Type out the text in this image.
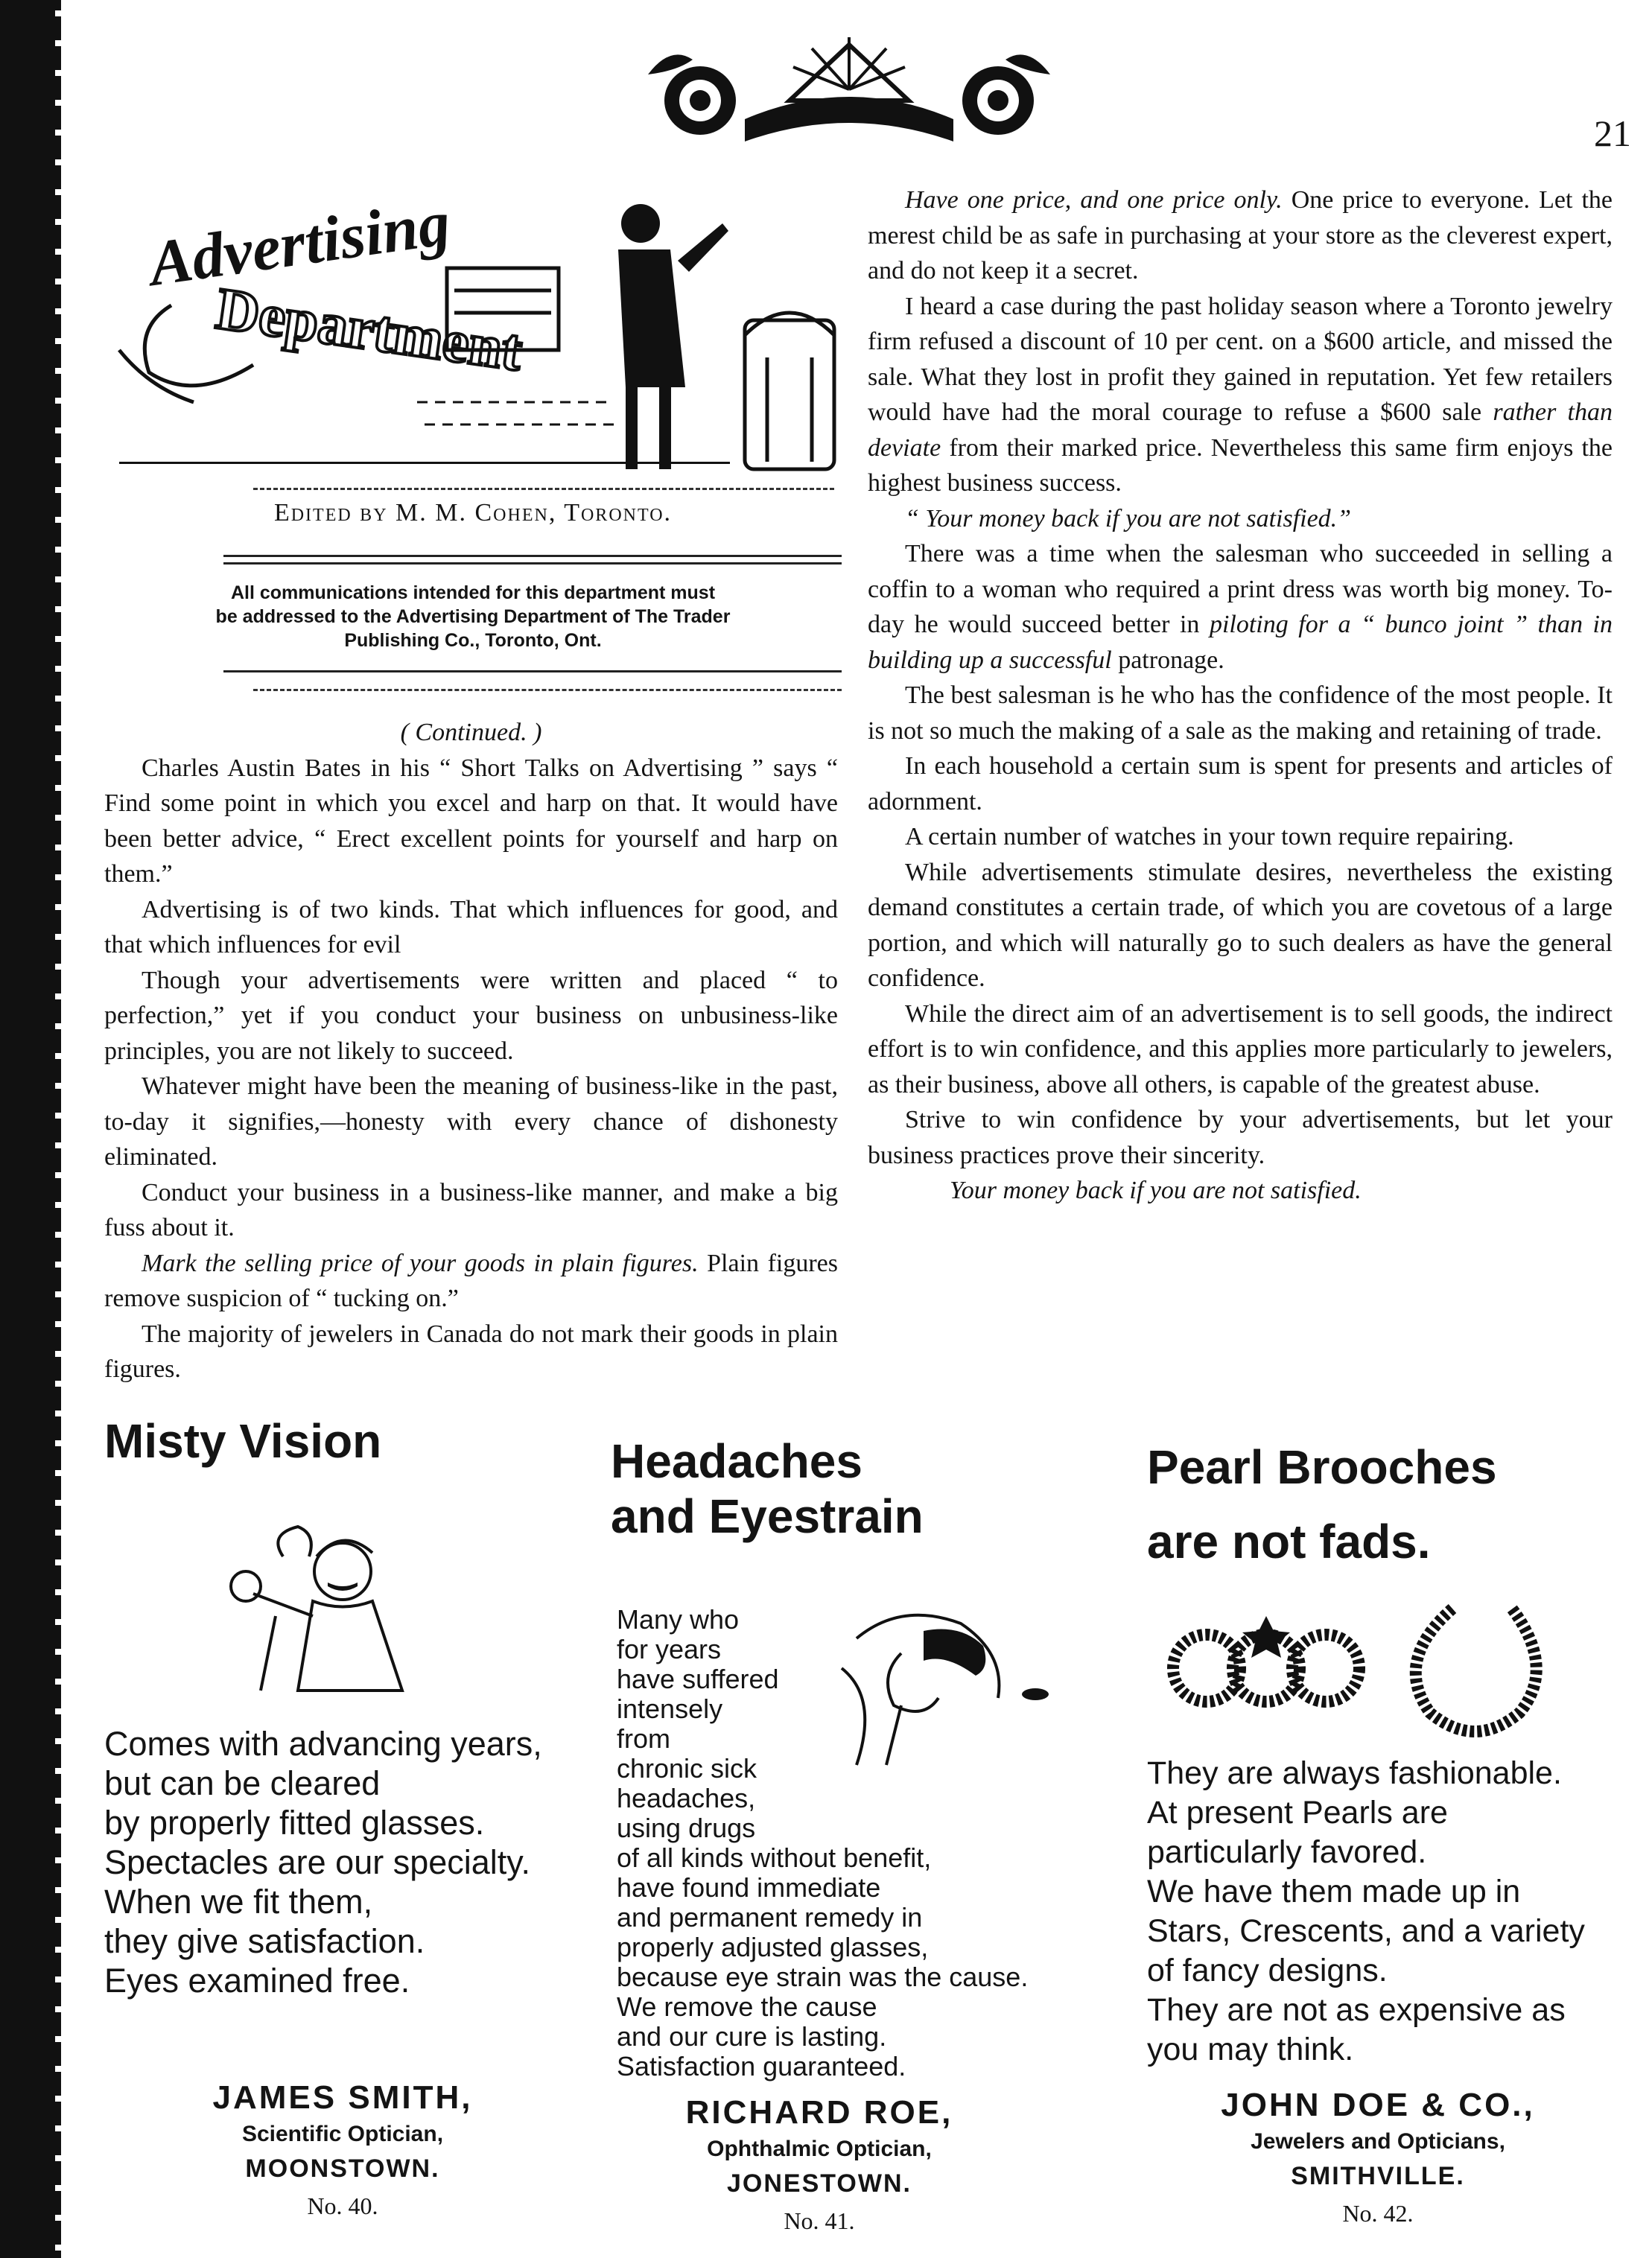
21
Advertising
Department
Edited by M. M. Cohen, Toronto.
All communications intended for this department must
be addressed to the Advertising Department of The Trader
Publishing Co., Toronto, Ont.

( Continued. )

Charles Austin Bates in his “ Short Talks on Advertising ” says “ Find some point in which you excel and harp on that. It would have been better advice, “ Erect excellent points for yourself and harp on them.”

Advertising is of two kinds. That which influences for good, and that which influences for evil

Though your advertisements were written and placed “ to perfection,” yet if you conduct your business on unbusiness-like principles, you are not likely to succeed.

Whatever might have been the meaning of business-like in the past, to-day it signifies,—honesty with every chance of dishonesty eliminated.

Conduct your business in a business-like manner, and make a big fuss about it.

Mark the selling price of your goods in plain figures. Plain figures remove suspicion of “ tucking on.”

The majority of jewelers in Canada do not mark their goods in plain figures.

Have one price, and one price only. One price to everyone. Let the merest child be as safe in purchasing at your store as the cleverest expert, and do not keep it a secret.

I heard a case during the past holiday season where a Toronto jewelry firm refused a discount of 10 per cent. on a $600 article, and missed the sale. What they lost in profit they gained in reputation. Yet few retailers would have had the moral courage to refuse a $600 sale rather than deviate from their marked price. Nevertheless this same firm enjoys the highest business success.

“ Your money back if you are not satisfied.”

There was a time when the salesman who succeeded in selling a coffin to a woman who required a print dress was worth big money. To-day he would succeed better in piloting for a “ bunco joint ” than in building up a successful patronage.

The best salesman is he who has the confidence of the most people. It is not so much the making of a sale as the making and retaining of trade.

In each household a certain sum is spent for presents and articles of adornment.

A certain number of watches in your town require repairing.

While advertisements stimulate desires, nevertheless the existing demand constitutes a certain trade, of which you are covetous of a large portion, and which will naturally go to such dealers as have the general confidence.

While the direct aim of an advertisement is to sell goods, the indirect effort is to win confidence, and this applies more particularly to jewelers, as their business, above all others, is capable of the greatest abuse.

Strive to win confidence by your advertisements, but let your business practices prove their sincerity.

Your money back if you are not satisfied.

Misty Vision
Comes with advancing years,
but can be cleared
by properly fitted glasses.
Spectacles are our specialty.
When we fit them,
they give satisfaction.
Eyes examined free.
JAMES SMITH,
Scientific Optician,
MOONSTOWN.
No. 40.
Headaches
and Eyestrain
Many who
for years
have suffered
intensely
from
chronic sick
headaches,
using drugs
of all kinds without benefit,
have found immediate
and permanent remedy in
properly adjusted glasses,
because eye strain was the cause.
We remove the cause
and our cure is lasting.
Satisfaction guaranteed.
RICHARD ROE,
Ophthalmic Optician,
JONESTOWN.
No. 41.
Pearl Brooches
are not fads.
They are always fashionable.
At present Pearls are
particularly favored.
We have them made up in
Stars, Crescents, and a variety
of fancy designs.
They are not as expensive as
you may think.
JOHN DOE & CO.,
Jewelers and Opticians,
SMITHVILLE.
No. 42.
